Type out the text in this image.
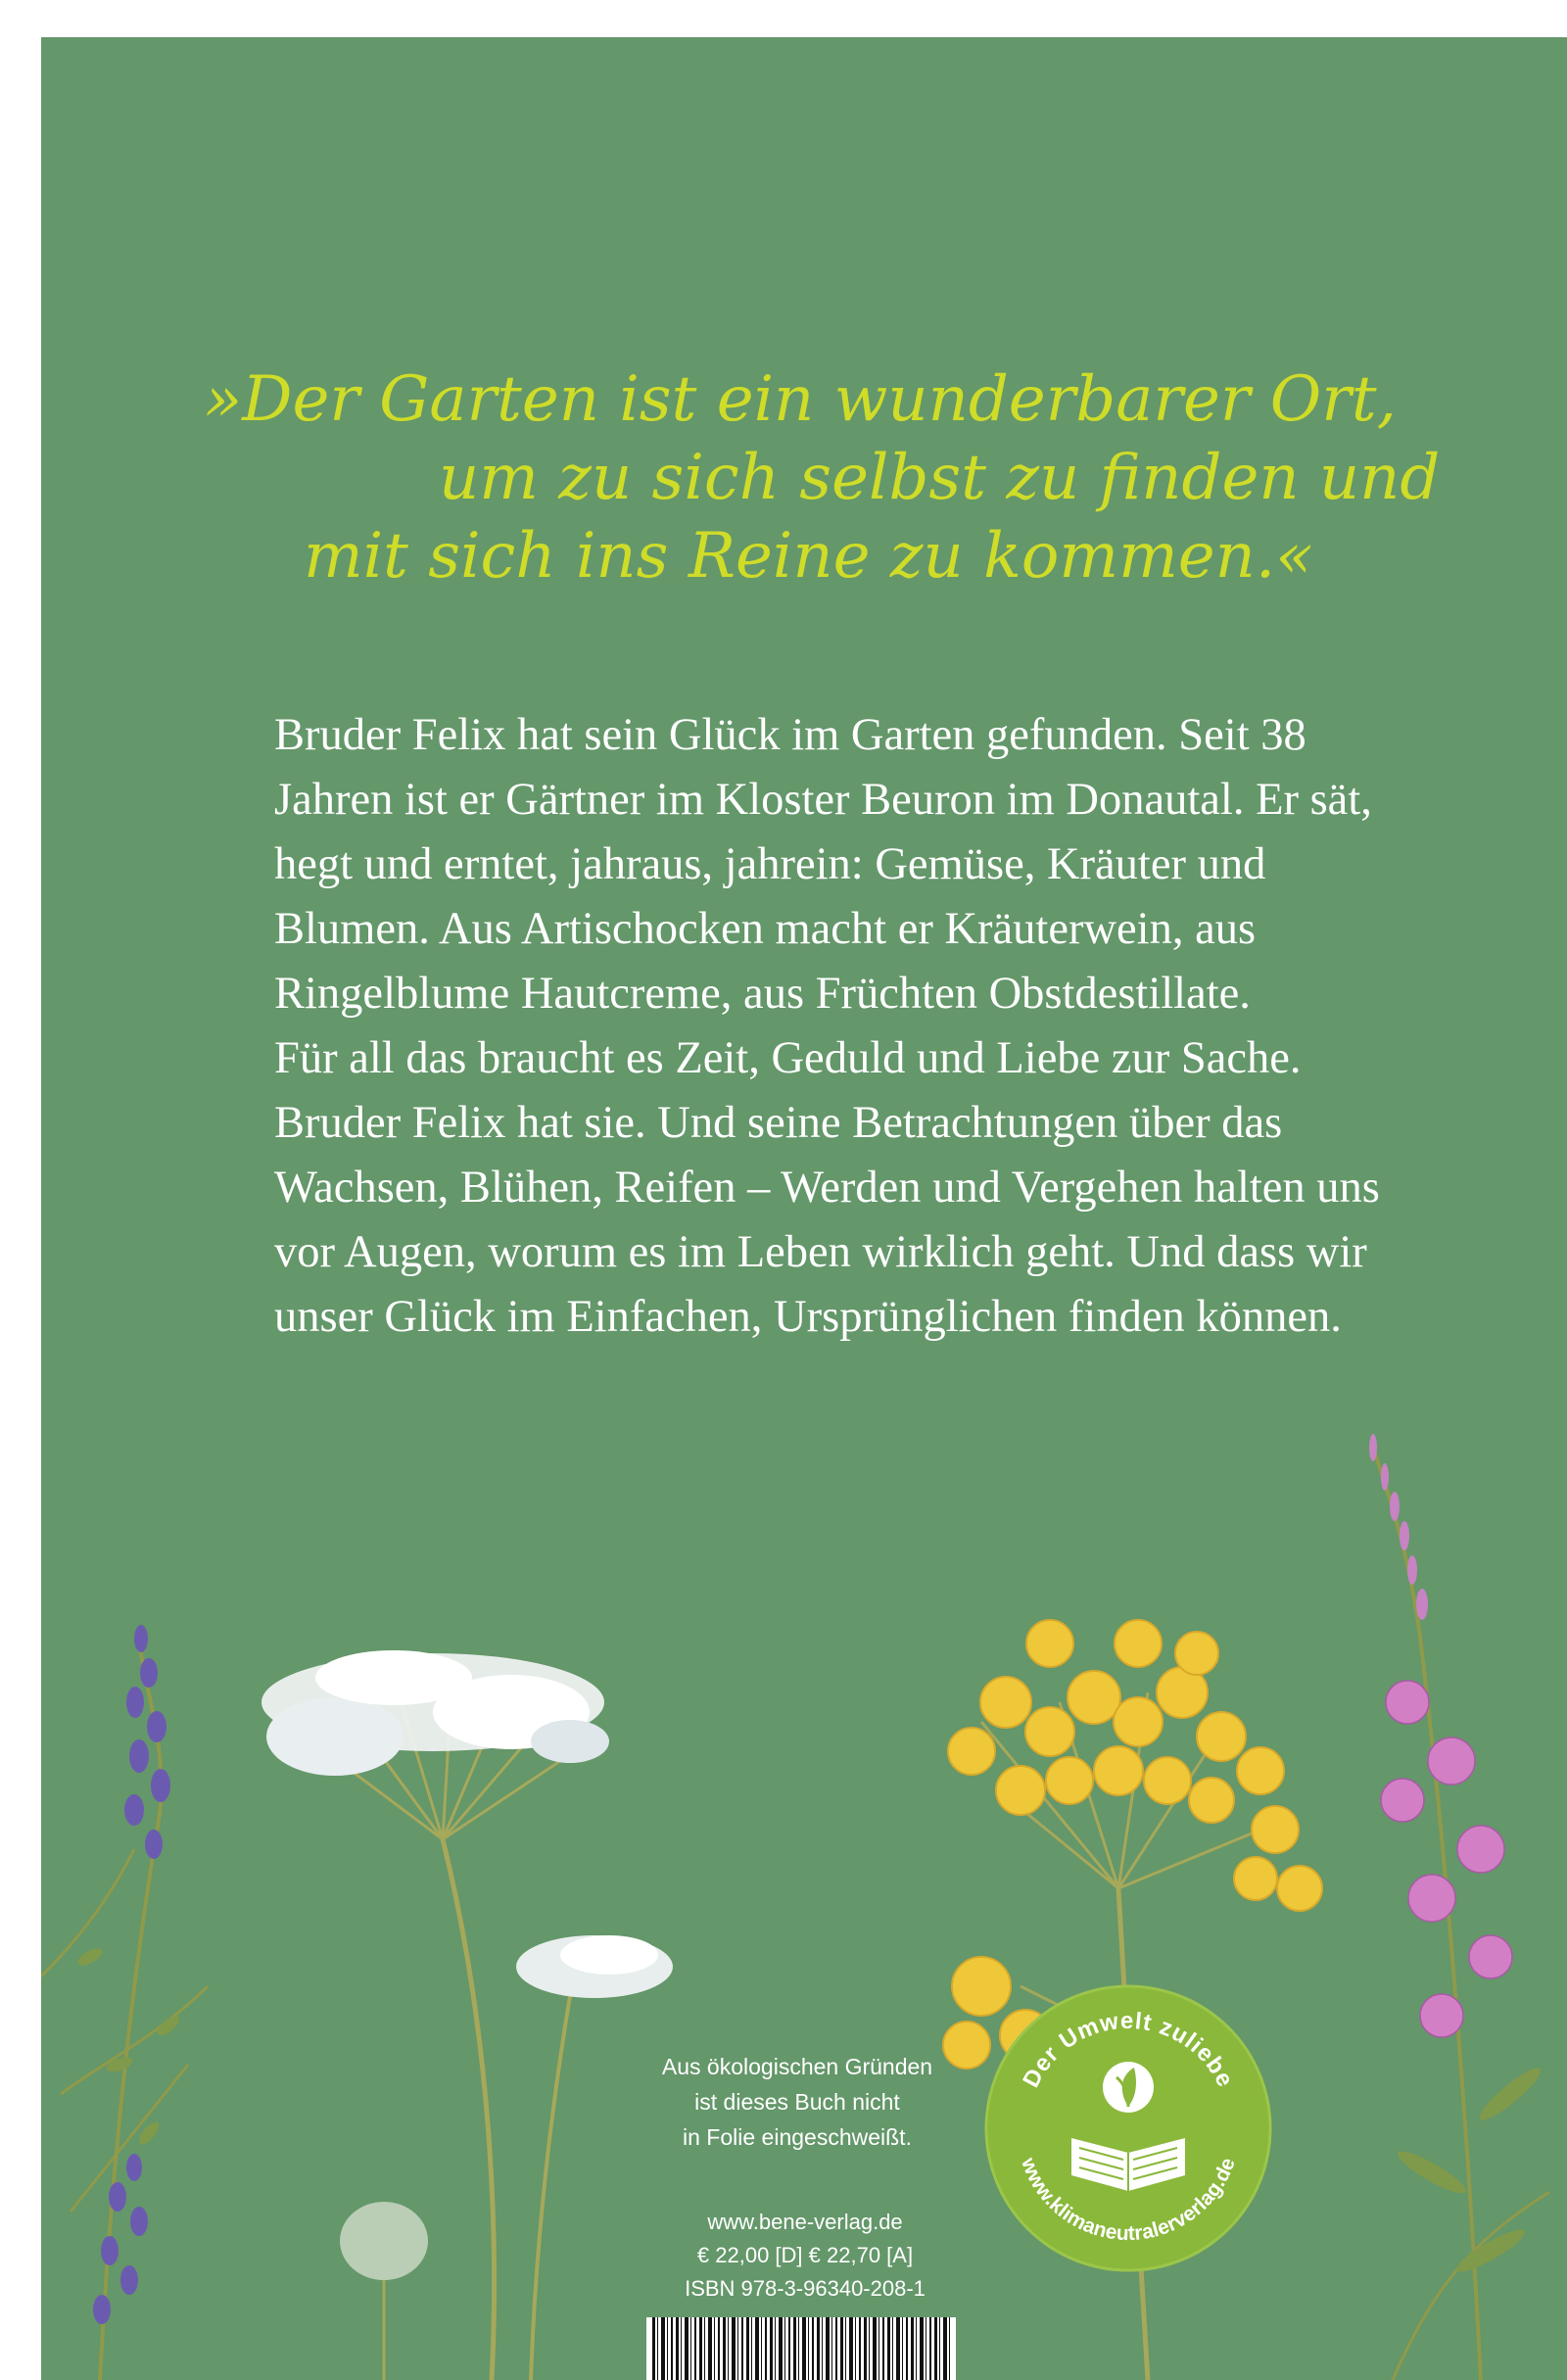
»Der Garten ist ein wunderbarer Ort,
um zu sich selbst zu finden und
mit sich ins Reine zu kommen.«

Bruder Felix hat sein Glück im Garten gefunden. Seit 38 Jahren ist er Gärtner im Kloster Beuron im Donautal. Er sät, hegt und erntet, jahraus, jahrein: Gemüse, Kräuter und Blumen. Aus Artischocken macht er Kräuterwein, aus Ringelblume Hautcreme, aus Früchten Obstdestillate.

Für all das braucht es Zeit, Geduld und Liebe zur Sache. Bruder Felix hat sie. Und seine Betrachtungen über das Wachsen, Blühen, Reifen – Werden und Vergehen halten uns vor Augen, worum es im Leben wirklich geht. Und dass wir unser Glück im Einfachen, Ursprünglichen finden können.

Aus ökologischen Gründen
ist dieses Buch nicht
in Folie eingeschweißt.
www.bene-verlag.de
€ 22,00 [D] € 22,70 [A]
ISBN 978-3-96340-208-1
Der Umwelt zuliebe
www.klimaneutralerverlag.de
